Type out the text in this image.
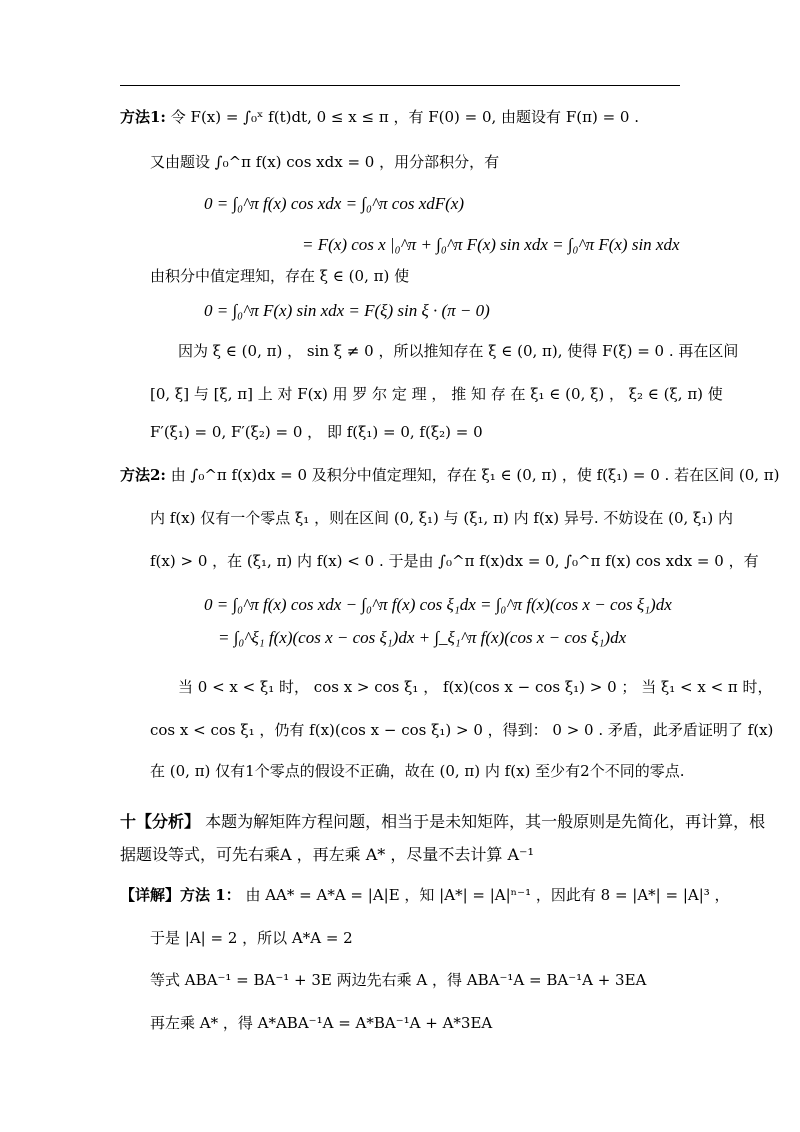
方法1: 令 F(x) = ∫₀ˣ f(t)dt, 0 ≤ x ≤ π ，有 F(0) = 0, 由题设有 F(π) = 0 .
又由题设 ∫₀^π f(x) cos xdx = 0 ，用分部积分，有
0 = ∫₀^π f(x) cos xdx = ∫₀^π cos xdF(x)
= F(x) cos x |₀^π + ∫₀^π F(x) sin xdx = ∫₀^π F(x) sin xdx
由积分中值定理知，存在 ξ ∈ (0, π) 使
0 = ∫₀^π F(x) sin xdx = F(ξ) sin ξ · (π − 0)
因为 ξ ∈ (0, π) ， sin ξ ≠ 0 ，所以推知存在 ξ ∈ (0, π), 使得 F(ξ) = 0 . 再在区间
[0, ξ] 与 [ξ, π] 上 对 F(x) 用 罗 尔 定 理 ， 推 知 存 在 ξ₁ ∈ (0, ξ) ， ξ₂ ∈ (ξ, π) 使
F′(ξ₁) = 0, F′(ξ₂) = 0 ， 即 f(ξ₁) = 0, f(ξ₂) = 0
方法2: 由 ∫₀^π f(x)dx = 0 及积分中值定理知，存在 ξ₁ ∈ (0, π) ，使 f(ξ₁) = 0 . 若在区间 (0, π)
内 f(x) 仅有一个零点 ξ₁ ，则在区间 (0, ξ₁) 与 (ξ₁, π) 内 f(x) 异号. 不妨设在 (0, ξ₁) 内
f(x) > 0 ，在 (ξ₁, π) 内 f(x) < 0 . 于是由 ∫₀^π f(x)dx = 0, ∫₀^π f(x) cos xdx = 0 ，有
0 = ∫₀^π f(x) cos xdx − ∫₀^π f(x) cos ξ₁dx = ∫₀^π f(x)(cos x − cos ξ₁)dx
= ∫₀^ξ₁ f(x)(cos x − cos ξ₁)dx + ∫_ξ₁^π f(x)(cos x − cos ξ₁)dx
当 0 < x < ξ₁ 时， cos x > cos ξ₁ ， f(x)(cos x − cos ξ₁) > 0 ； 当 ξ₁ < x < π 时，
cos x < cos ξ₁ ，仍有 f(x)(cos x − cos ξ₁) > 0 ，得到： 0 > 0 . 矛盾，此矛盾证明了 f(x)
在 (0, π) 仅有1个零点的假设不正确，故在 (0, π) 内 f(x) 至少有2个不同的零点.
十【分析】 本题为解矩阵方程问题，相当于是未知矩阵，其一般原则是先简化，再计算，根
据题设等式，可先右乘A ，再左乘 A* ，尽量不去计算 A⁻¹
【详解】方法 1： 由 AA* = A*A = |A|E ，知 |A*| = |A|ⁿ⁻¹ ，因此有 8 = |A*| = |A|³ ，
于是 |A| = 2 ，所以 A*A = 2
等式 ABA⁻¹ = BA⁻¹ + 3E 两边先右乘 A ，得 ABA⁻¹A = BA⁻¹A + 3EA
再左乘 A* ，得 A*ABA⁻¹A = A*BA⁻¹A + A*3EA
